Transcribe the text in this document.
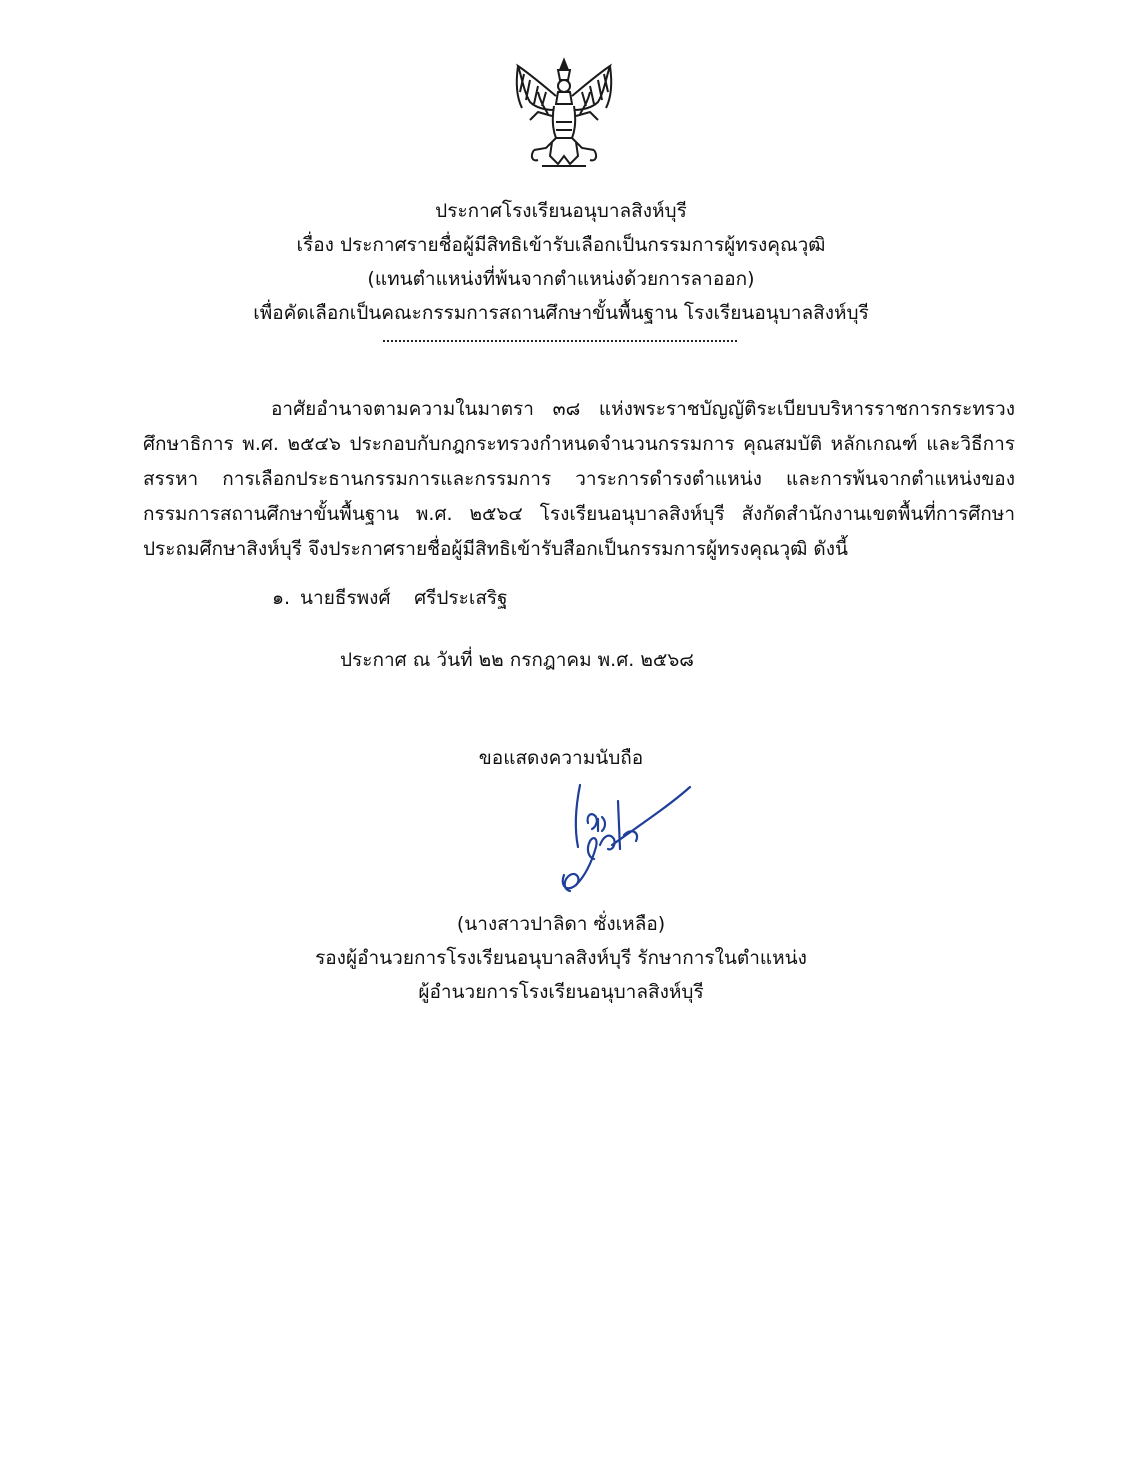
ประกาศโรงเรียนอนุบาลสิงห์บุรี
เรื่อง ประกาศรายชื่อผู้มีสิทธิเข้ารับเลือกเป็นกรรมการผู้ทรงคุณวุฒิ
(แทนตำแหน่งที่พ้นจากตำแหน่งด้วยการลาออก)
เพื่อคัดเลือกเป็นคณะกรรมการสถานศึกษาขั้นพื้นฐาน โรงเรียนอนุบาลสิงห์บุรี

อาศัยอำนาจตามความในมาตรา ๓๘ แห่งพระราชบัญญัติระเบียบบริหารราชการกระทรวงศึกษาธิการ พ.ศ. ๒๕๔๖ ประกอบกับกฎกระทรวงกำหนดจำนวนกรรมการ คุณสมบัติ หลักเกณฑ์ และวิธีการสรรหา การเลือกประธานกรรมการและกรรมการ วาระการดำรงตำแหน่ง และการพ้นจากตำแหน่งของกรรมการสถานศึกษาขั้นพื้นฐาน พ.ศ. ๒๕๖๔ โรงเรียนอนุบาลสิงห์บุรี สังกัดสำนักงานเขตพื้นที่การศึกษาประถมศึกษาสิงห์บุรี จึงประกาศรายชื่อผู้มีสิทธิเข้ารับสือกเป็นกรรมการผู้ทรงคุณวุฒิ ดังนี้

๑. นายธีรพงศ์ ศรีประเสริฐ
ประกาศ ณ วันที่ ๒๒ กรกฎาคม พ.ศ. ๒๕๖๘
ขอแสดงความนับถือ
(นางสาวปาลิดา ซั่งเหลือ)
รองผู้อำนวยการโรงเรียนอนุบาลสิงห์บุรี รักษาการในตำแหน่ง
ผู้อำนวยการโรงเรียนอนุบาลสิงห์บุรี
